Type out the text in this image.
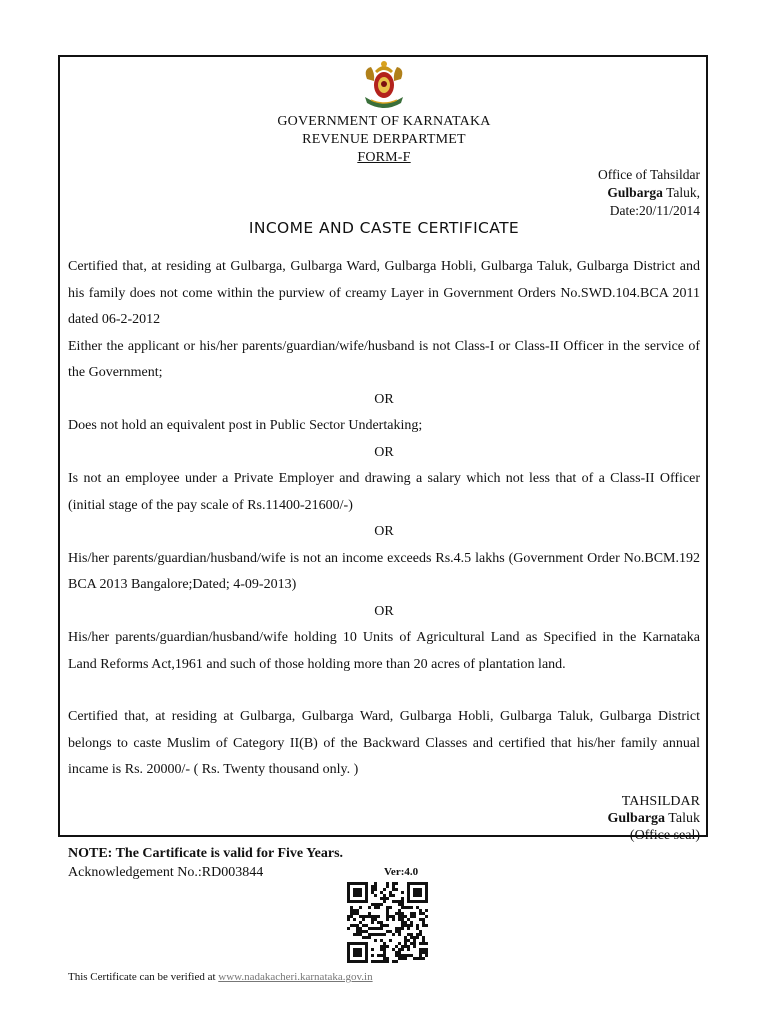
GOVERNMENT OF KARNATAKA
REVENUE DERPARTMET
FORM-F
Office of Tahsildar
Gulbarga Taluk,
Date:20/11/2014
INCOME AND CASTE CERTIFICATE

Certified that, at residing at Gulbarga, Gulbarga Ward, Gulbarga Hobli, Gulbarga Taluk, Gulbarga District and his family does not come within the purview of creamy Layer in Government Orders No.SWD.104.BCA 2011 dated 06-2-2012

Either the applicant or his/her parents/guardian/wife/husband is not Class-I or Class-II Officer in the service of the Government;

OR

Does not hold an equivalent post in Public Sector Undertaking;

OR

Is not an employee under a Private Employer and drawing a salary which not less that of a Class-II Officer (initial stage of the pay scale of Rs.11400-21600/-)

OR

His/her parents/guardian/husband/wife is not an income exceeds Rs.4.5 lakhs (Government Order No.BCM.192 BCA 2013 Bangalore;Dated; 4-09-2013)

OR

His/her parents/guardian/husband/wife holding 10 Units of Agricultural Land as Specified in the Karnataka Land Reforms Act,1961 and such of those holding more than 20 acres of plantation land.

Certified that, at residing at Gulbarga, Gulbarga Ward, Gulbarga Hobli, Gulbarga Taluk, Gulbarga District belongs to caste Muslim of Category II(B) of the Backward Classes and certified that his/her family annual incame is Rs. 20000/- ( Rs. Twenty thousand only. )

TAHSILDAR
Gulbarga Taluk
(Office seal)
NOTE: The Cartificate is valid for Five Years.
Acknowledgement No.:RD003844	Ver:4.0
This Certificate can be verified at www.nadakacheri.karnataka.gov.in
